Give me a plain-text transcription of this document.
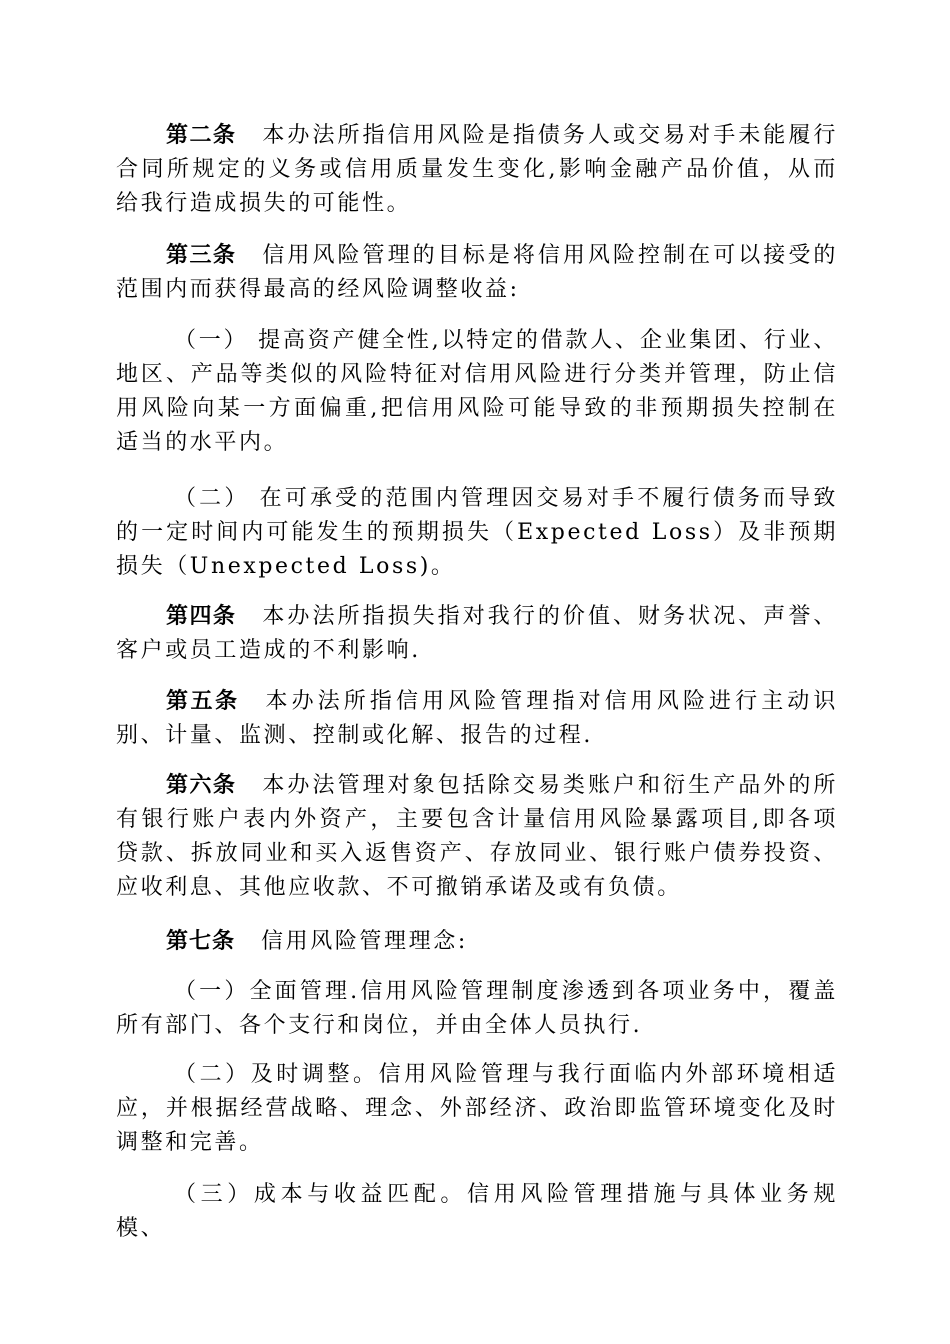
第二条 本办法所指信用风险是指债务人或交易对手未能履行合同所规定的义务或信用质量发生变化,影响金融产品价值，从而给我行造成损失的可能性。

第三条 信用风险管理的目标是将信用风险控制在可以接受的范围内而获得最高的经风险调整收益:

（一） 提高资产健全性,以特定的借款人、企业集团、行业、地区、产品等类似的风险特征对信用风险进行分类并管理，防止信用风险向某一方面偏重,把信用风险可能导致的非预期损失控制在适当的水平内。

（二） 在可承受的范围内管理因交易对手不履行债务而导致的一定时间内可能发生的预期损失（Expected Loss）及非预期损失（Unexpected Loss)。

第四条 本办法所指损失指对我行的价值、财务状况、声誉、客户或员工造成的不利影响.

第五条 本办法所指信用风险管理指对信用风险进行主动识别、计量、监测、控制或化解、报告的过程.

第六条 本办法管理对象包括除交易类账户和衍生产品外的所有银行账户表内外资产，主要包含计量信用风险暴露项目,即各项贷款、拆放同业和买入返售资产、存放同业、银行账户债券投资、应收利息、其他应收款、不可撤销承诺及或有负债。

第七条 信用风险管理理念:

（一）全面管理.信用风险管理制度渗透到各项业务中，覆盖所有部门、各个支行和岗位，并由全体人员执行.

（二）及时调整。信用风险管理与我行面临内外部环境相适应，并根据经营战略、理念、外部经济、政治即监管环境变化及时调整和完善。

（三）成本与收益匹配。信用风险管理措施与具体业务规模、
